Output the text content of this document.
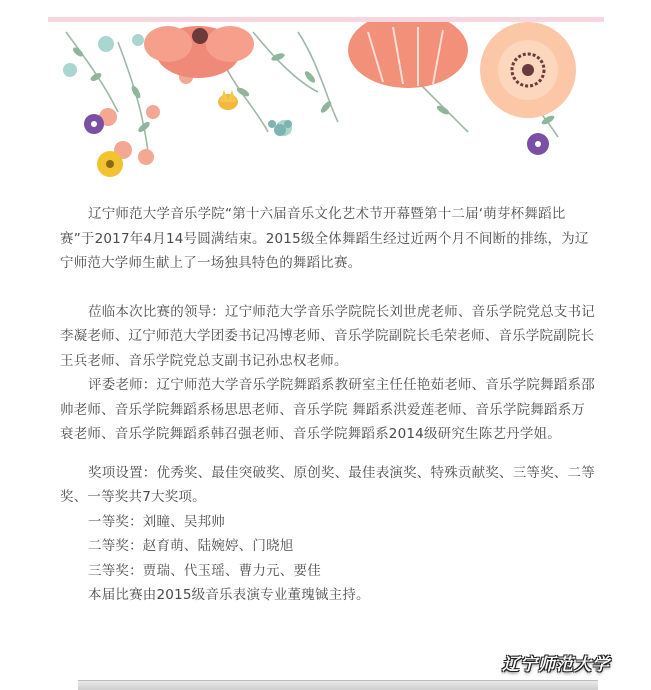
辽宁师范大学音乐学院“第十六届音乐文化艺术节开幕暨第十二届‘萌芽杯舞蹈比赛”于2017年4月14号圆满结束。2015级全体舞蹈生经过近两个月不间断的排练，为辽宁师范大学师生献上了一场独具特色的舞蹈比赛。

莅临本次比赛的领导：辽宁师范大学音乐学院院长刘世虎老师、音乐学院党总支书记李凝老师、辽宁师范大学团委书记冯博老师、音乐学院副院长毛荣老师、音乐学院副院长王兵老师、音乐学院党总支副书记孙忠权老师。

评委老师：辽宁师范大学音乐学院舞蹈系教研室主任任艳茹老师、音乐学院舞蹈系邵帅老师、音乐学院舞蹈系杨思思老师、音乐学院 舞蹈系洪爱莲老师、音乐学院舞蹈系万衰老师、音乐学院舞蹈系韩召强老师、音乐学院舞蹈系2014级研究生陈艺丹学姐。

奖项设置：优秀奖、最佳突破奖、原创奖、最佳表演奖、特殊贡献奖、三等奖、二等奖、一等奖共7大奖项。

一等奖：刘瞳、吴邦帅

二等奖：赵育萌、陆婉婷、门晓旭

三等奖：贾瑞、代玉瑶、曹力元、要佳

本届比赛由2015级音乐表演专业董瑰铖主持。

辽宁师范大学
